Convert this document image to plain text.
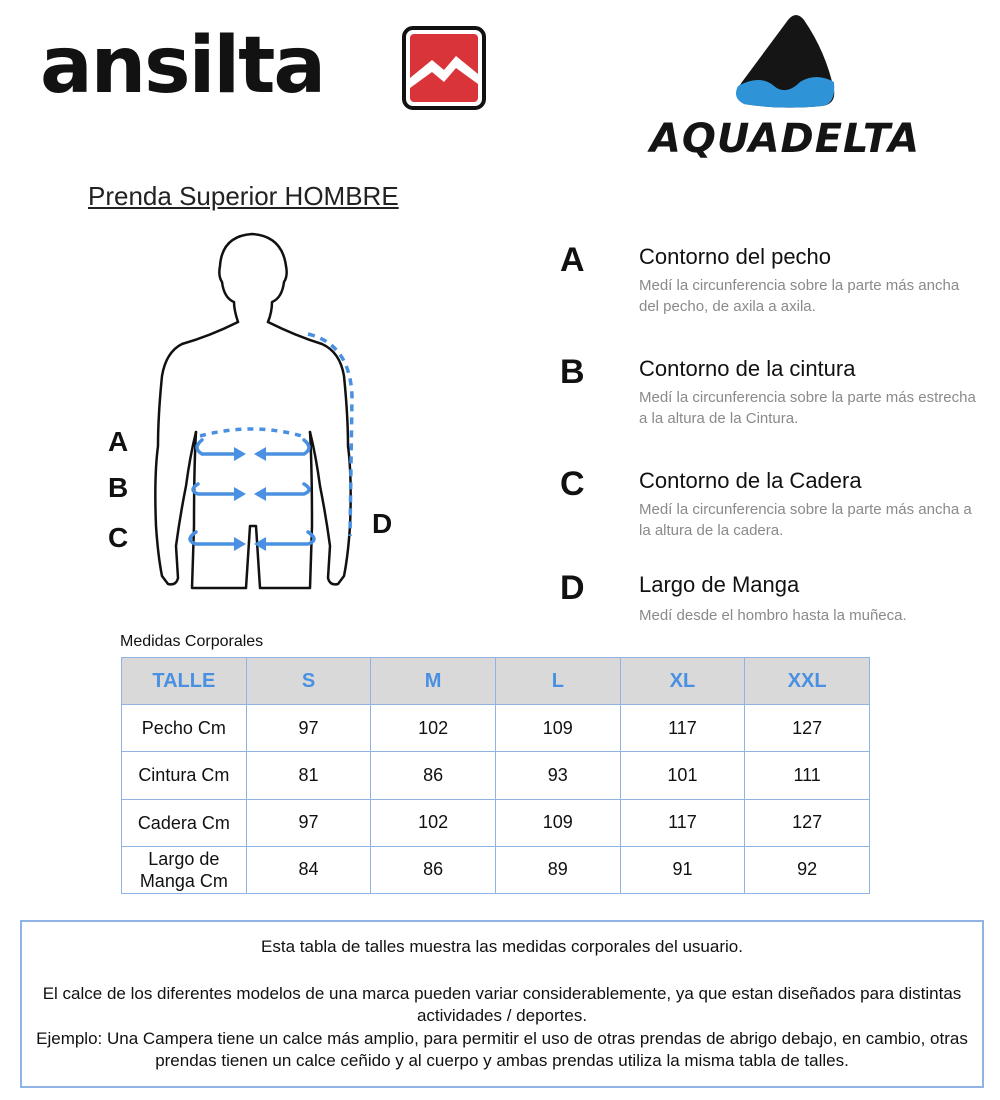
ansilta
AQUADELTA
Prenda Superior HOMBRE
A
B
C	D
A Contorno del pecho
Medí la circunferencia sobre la parte más ancha del pecho, de axila a axila.
B Contorno de la cintura
Medí la circunferencia sobre la parte más estrecha a la altura de la Cintura.
C Contorno de la Cadera
Medí la circunferencia sobre la parte más ancha a la altura de la cadera.
D Largo de Manga
Medí desde el hombro hasta la muñeca.
Medidas Corporales
TALLE	S	M	L	XL	XXL
Pecho Cm	97	102	109	117	127
Cintura Cm	81	86	93	101	111
Cadera Cm	97	102	109	117	127
Largo de Manga Cm	84	86	89	91	92
Esta tabla de talles muestra las medidas corporales del usuario.
El calce de los diferentes modelos de una marca pueden variar considerablemente, ya que estan diseñados para distintas actividades / deportes.
Ejemplo: Una Campera tiene un calce más amplio, para permitir el uso de otras prendas de abrigo debajo, en cambio, otras prendas tienen un calce ceñido y al cuerpo y ambas prendas utiliza la misma tabla de talles.
